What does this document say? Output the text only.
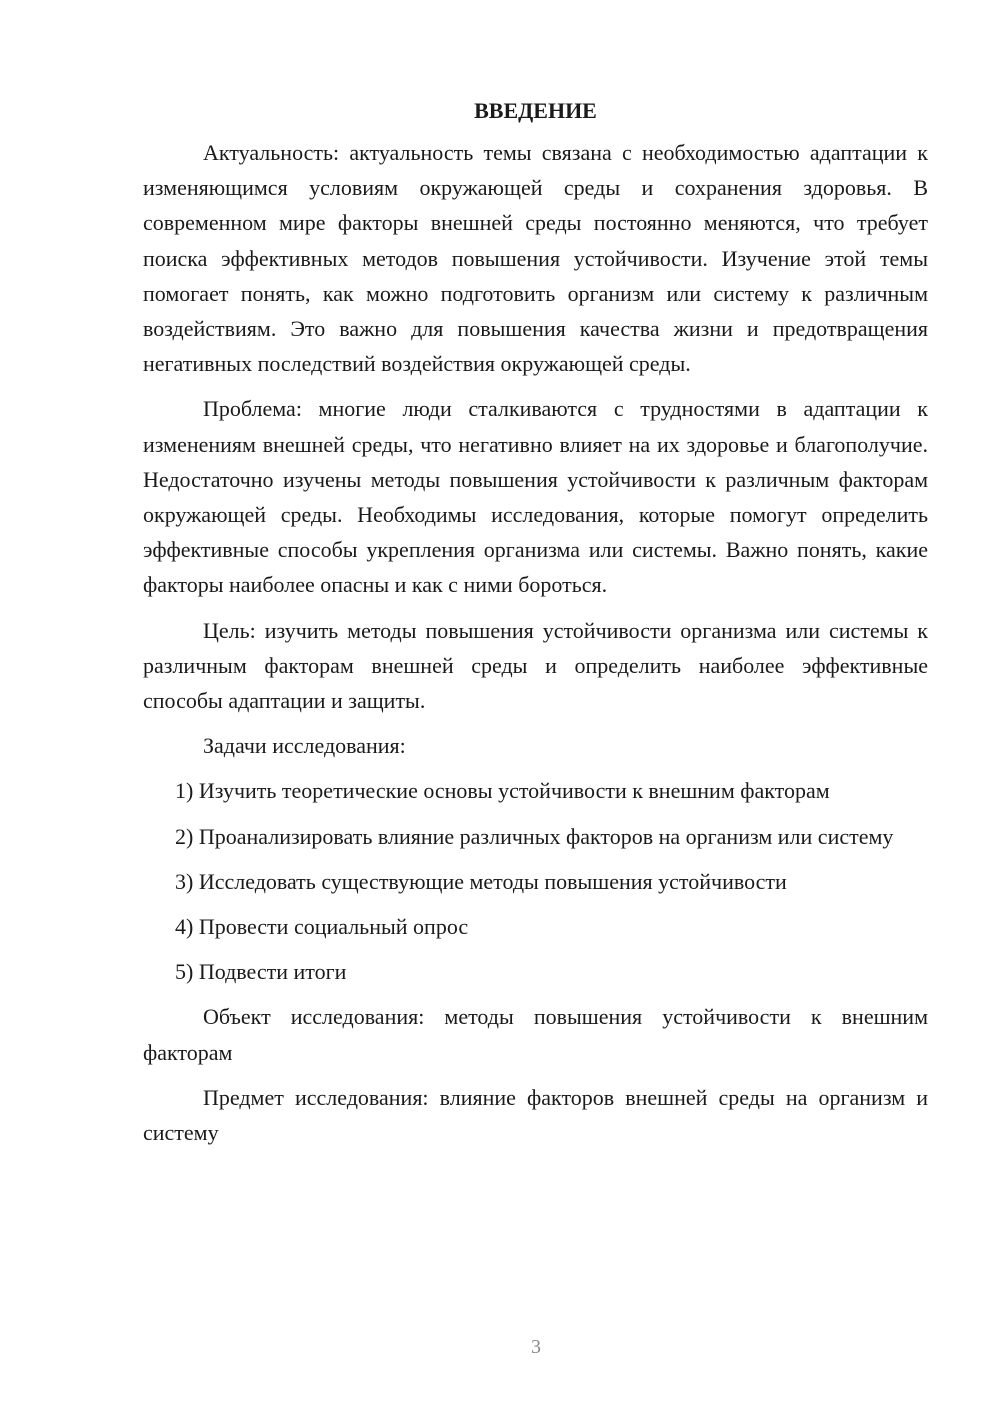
ВВЕДЕНИЕ

Актуальность: актуальность темы связана с необходимостью адаптации к изменяющимся условиям окружающей среды и сохранения здоровья. В современном мире факторы внешней среды постоянно меняются, что требует поиска эффективных методов повышения устойчивости. Изучение этой темы помогает понять, как можно подготовить организм или систему к различным воздействиям. Это важно для повышения качества жизни и предотвращения негативных последствий воздействия окружающей среды.

Проблема: многие люди сталкиваются с трудностями в адаптации к изменениям внешней среды, что негативно влияет на их здоровье и благополучие. Недостаточно изучены методы повышения устойчивости к различным факторам окружающей среды. Необходимы исследования, которые помогут определить эффективные способы укрепления организма или системы. Важно понять, какие факторы наиболее опасны и как с ними бороться.

Цель: изучить методы повышения устойчивости организма или системы к различным факторам внешней среды и определить наиболее эффективные способы адаптации и защиты.

Задачи исследования:

1) Изучить теоретические основы устойчивости к внешним факторам

2) Проанализировать влияние различных факторов на организм или систему

3) Исследовать существующие методы повышения устойчивости

4) Провести социальный опрос

5) Подвести итоги

Объект исследования: методы повышения устойчивости к внешним факторам

Предмет исследования: влияние факторов внешней среды на организм и систему

3
